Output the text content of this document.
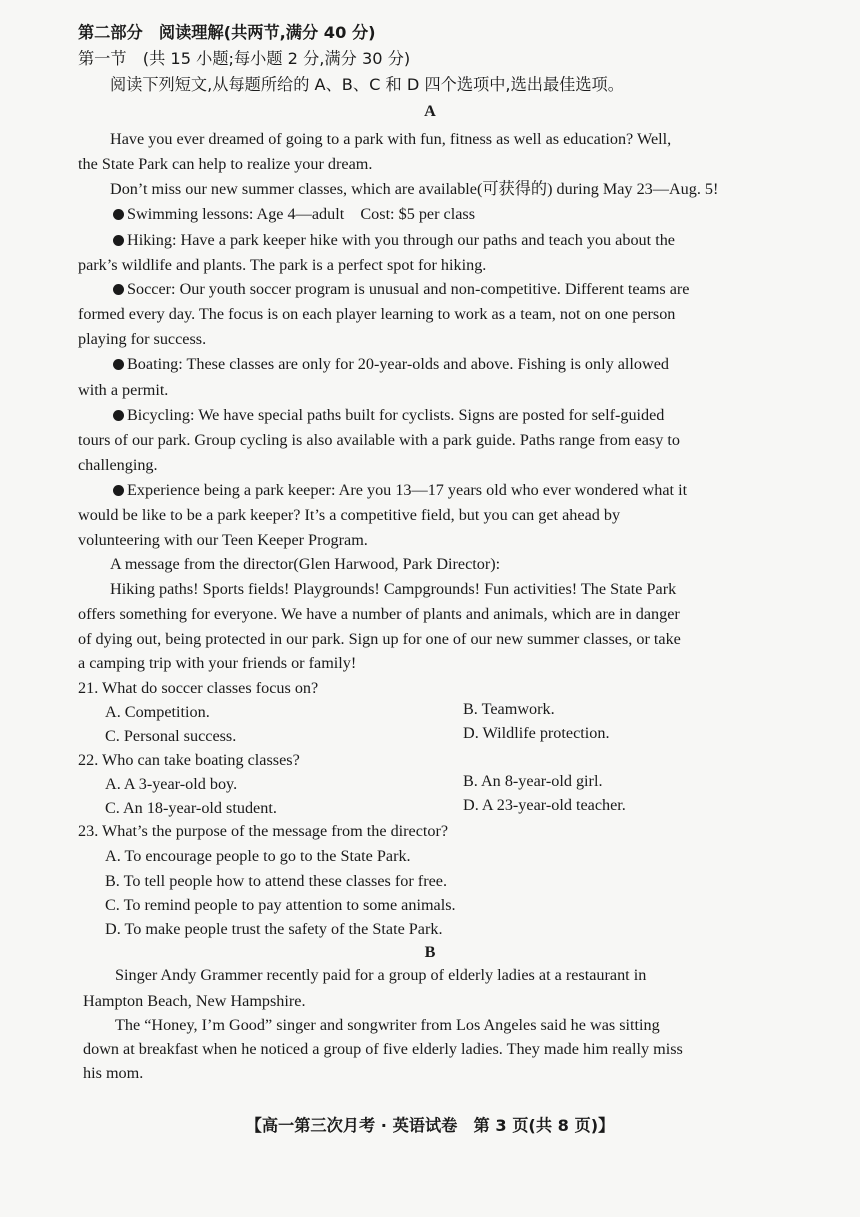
第二部分　阅读理解(共两节,满分 40 分)
第一节　(共 15 小题;每小题 2 分,满分 30 分)
阅读下列短文,从每题所给的 A、B、C 和 D 四个选项中,选出最佳选项。
A
Have you ever dreamed of going to a park with fun, fitness as well as education? Well,
the State Park can help to realize your dream.
Don’t miss our new summer classes, which are available(可获得的) during May 23—Aug. 5!
Swimming lessons: Age 4—adult　Cost: $5 per class
Hiking: Have a park keeper hike with you through our paths and teach you about the
park’s wildlife and plants. The park is a perfect spot for hiking.
Soccer: Our youth soccer program is unusual and non-competitive. Different teams are
formed every day. The focus is on each player learning to work as a team, not on one person
playing for success.
Boating: These classes are only for 20-year-olds and above. Fishing is only allowed
with a permit.
Bicycling: We have special paths built for cyclists. Signs are posted for self-guided
tours of our park. Group cycling is also available with a park guide. Paths range from easy to
challenging.
Experience being a park keeper: Are you 13—17 years old who ever wondered what it
would be like to be a park keeper? It’s a competitive field, but you can get ahead by
volunteering with our Teen Keeper Program.
A message from the director(Glen Harwood, Park Director):
Hiking paths! Sports fields! Playgrounds! Campgrounds! Fun activities! The State Park
offers something for everyone. We have a number of plants and animals, which are in danger
of dying out, being protected in our park. Sign up for one of our new summer classes, or take
a camping trip with your friends or family!
21. What do soccer classes focus on?
A. Competition.	B. Teamwork.
C. Personal success.	D. Wildlife protection.
22. Who can take boating classes?
A. A 3-year-old boy.	B. An 8-year-old girl.
C. An 18-year-old student.	D. A 23-year-old teacher.
23. What’s the purpose of the message from the director?
A. To encourage people to go to the State Park.
B. To tell people how to attend these classes for free.
C. To remind people to pay attention to some animals.
D. To make people trust the safety of the State Park.
B
Singer Andy Grammer recently paid for a group of elderly ladies at a restaurant in
Hampton Beach, New Hampshire.
The “Honey, I’m Good” singer and songwriter from Los Angeles said he was sitting
down at breakfast when he noticed a group of five elderly ladies. They made him really miss
his mom.
【高一第三次月考 · 英语试卷　第 3 页(共 8 页)】
